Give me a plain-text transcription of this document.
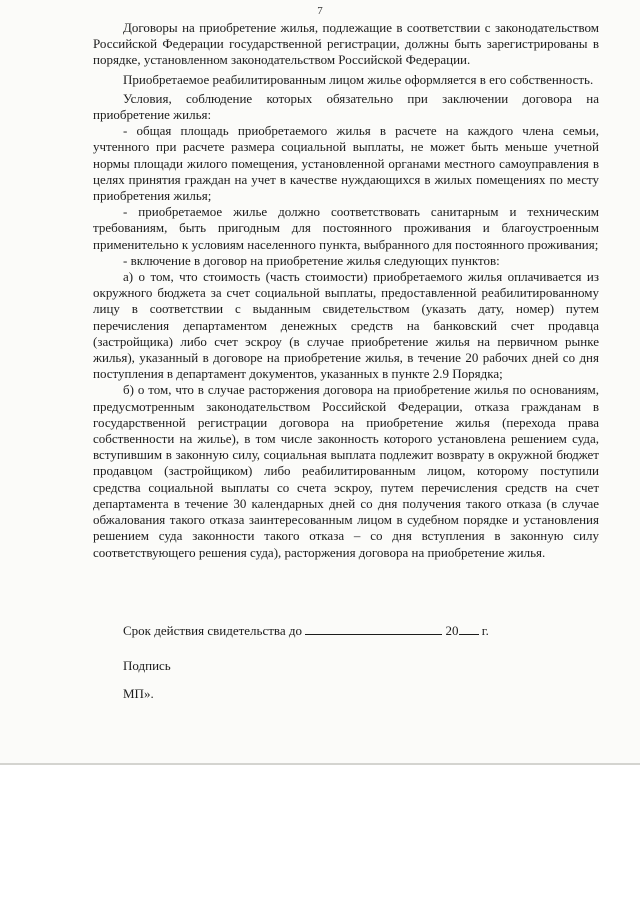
7

Договоры на приобретение жилья, подлежащие в соответствии с законодательством Российской Федерации государственной регистрации, должны быть зарегистрированы в порядке, установленном законодательством Российской Федерации.

Приобретаемое реабилитированным лицом жилье оформляется в его собственность.

Условия, соблюдение которых обязательно при заключении договора на приобретение жилья:

- общая площадь приобретаемого жилья в расчете на каждого члена семьи, учтенного при расчете размера социальной выплаты, не может быть меньше учетной нормы площади жилого помещения, установленной органами местного самоуправления в целях принятия граждан на учет в качестве нуждающихся в жилых помещениях по месту приобретения жилья;

- приобретаемое жилье должно соответствовать санитарным и техническим требованиям, быть пригодным для постоянного проживания и благоустроенным применительно к условиям населенного пункта, выбранного для постоянного проживания;

- включение в договор на приобретение жилья следующих пунктов:

а) о том, что стоимость (часть стоимости) приобретаемого жилья оплачивается из окружного бюджета за счет социальной выплаты, предоставленной реабилитированному лицу в соответствии с выданным свидетельством (указать дату, номер) путем перечисления департаментом денежных средств на банковский счет продавца (застройщика) либо счет эскроу (в случае приобретение жилья на первичном рынке жилья), указанный в договоре на приобретение жилья, в течение 20 рабочих дней со дня поступления в департамент документов, указанных в пункте 2.9 Порядка;

б) о том, что в случае расторжения договора на приобретение жилья по основаниям, предусмотренным законодательством Российской Федерации, отказа гражданам в государственной регистрации договора на приобретение жилья (перехода права собственности на жилье), в том числе законность которого установлена решением суда, вступившим в законную силу, социальная выплата подлежит возврату в окружной бюджет продавцом (застройщиком) либо реабилитированным лицом, которому поступили средства социальной выплаты со счета эскроу, путем перечисления средств на счет департамента в течение 30 календарных дней со дня получения такого отказа (в случае обжалования такого отказа заинтересованным лицом в судебном порядке и установления решением суда законности такого отказа – со дня вступления в законную силу соответствующего решения суда), расторжения договора на приобретение жилья.

Срок действия свидетельства до	20 г.
Подпись
МП».
